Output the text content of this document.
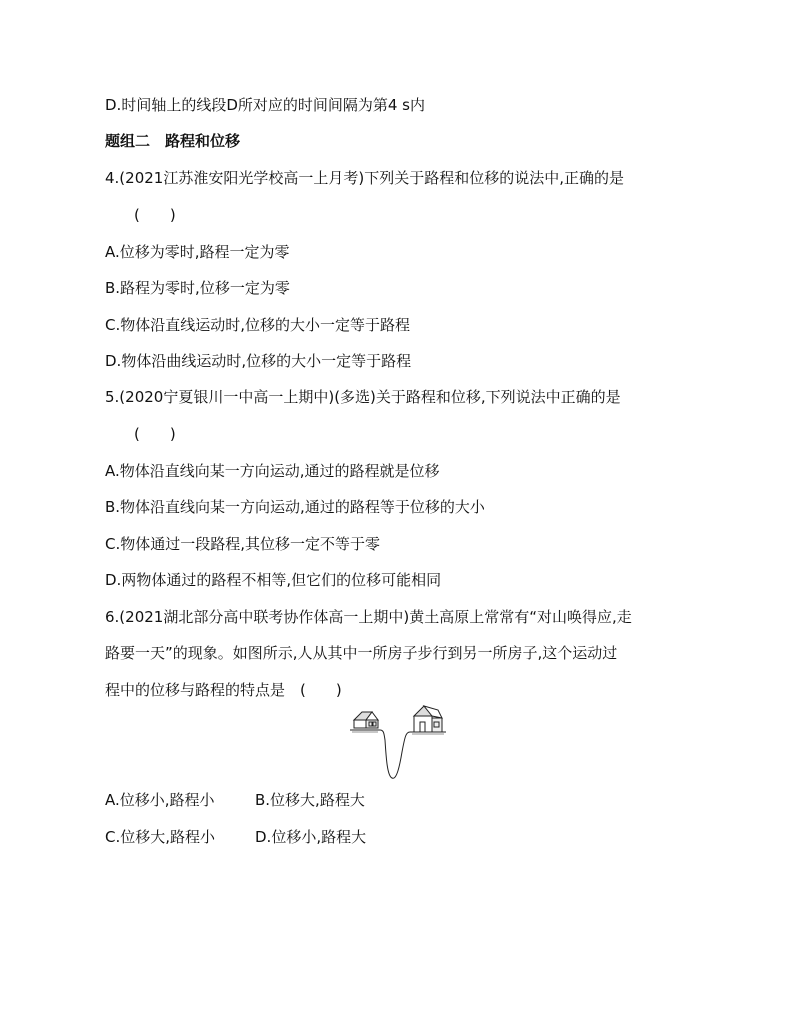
D.时间轴上的线段D所对应的时间间隔为第4 s内
题组二　路程和位移
4.(2021江苏淮安阳光学校高一上月考)下列关于路程和位移的说法中,正确的是
(　　)
A.位移为零时,路程一定为零
B.路程为零时,位移一定为零
C.物体沿直线运动时,位移的大小一定等于路程
D.物体沿曲线运动时,位移的大小一定等于路程
5.(2020宁夏银川一中高一上期中)(多选)关于路程和位移,下列说法中正确的是
(　　)
A.物体沿直线向某一方向运动,通过的路程就是位移
B.物体沿直线向某一方向运动,通过的路程等于位移的大小
C.物体通过一段路程,其位移一定不等于零
D.两物体通过的路程不相等,但它们的位移可能相同
6.(2021湖北部分高中联考协作体高一上期中)黄土高原上常常有“对山唤得应,走
路要一天”的现象。如图所示,人从其中一所房子步行到另一所房子,这个运动过
程中的位移与路程的特点是　(　　)
A.位移小,路程小	B.位移大,路程大
C.位移大,路程小	D.位移小,路程大
